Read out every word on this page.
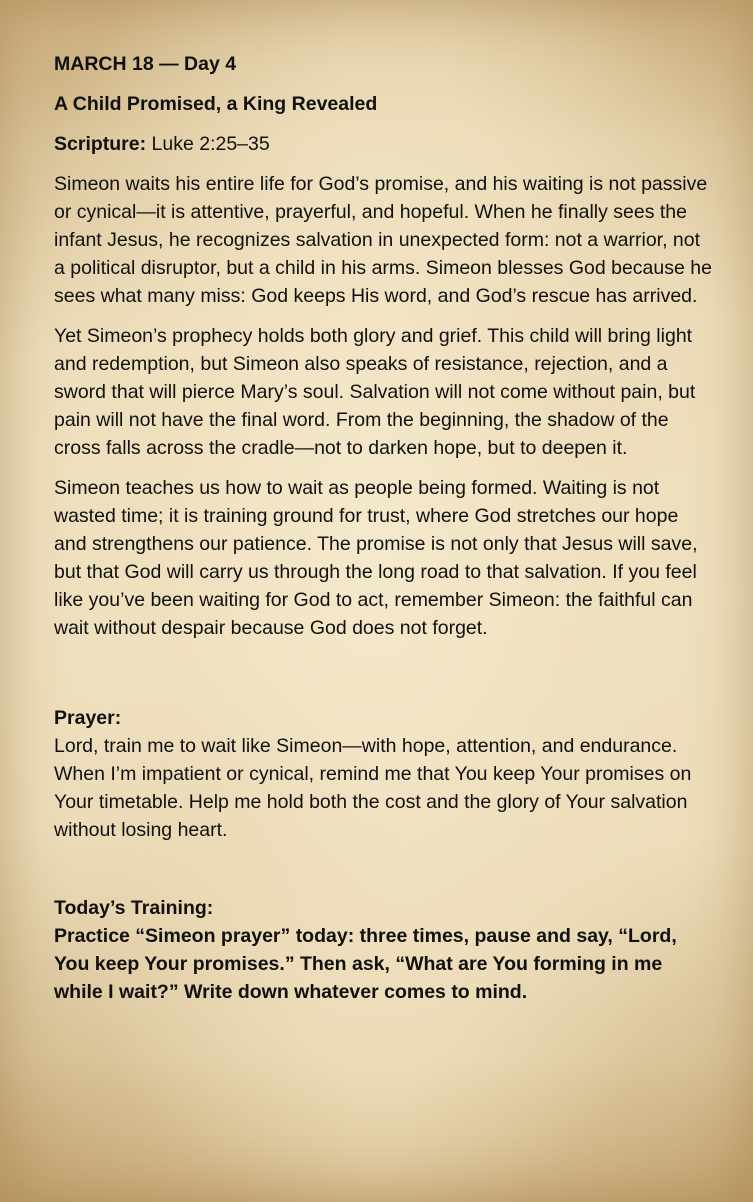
MARCH 18 — Day 4

A Child Promised, a King Revealed

Scripture: Luke 2:25–35

Simeon waits his entire life for God’s promise, and his waiting is not passive or cynical—it is attentive, prayerful, and hopeful. When he finally sees the infant Jesus, he recognizes salvation in unexpected form: not a warrior, not a political disruptor, but a child in his arms. Simeon blesses God because he sees what many miss: God keeps His word, and God’s rescue has arrived.

Yet Simeon’s prophecy holds both glory and grief. This child will bring light and redemption, but Simeon also speaks of resistance, rejection, and a sword that will pierce Mary’s soul. Salvation will not come without pain, but pain will not have the final word. From the beginning, the shadow of the cross falls across the cradle—not to darken hope, but to deepen it.

Simeon teaches us how to wait as people being formed. Waiting is not wasted time; it is training ground for trust, where God stretches our hope and strengthens our patience. The promise is not only that Jesus will save, but that God will carry us through the long road to that salvation. If you feel like you’ve been waiting for God to act, remember Simeon: the faithful can wait without despair because God does not forget.

Prayer:

Lord, train me to wait like Simeon—with hope, attention, and endurance. When I’m impatient or cynical, remind me that You keep Your promises on Your timetable. Help me hold both the cost and the glory of Your salvation without losing heart.

Today’s Training:

Practice “Simeon prayer” today: three times, pause and say, “Lord, You keep Your promises.” Then ask, “What are You forming in me while I wait?” Write down whatever comes to mind.
